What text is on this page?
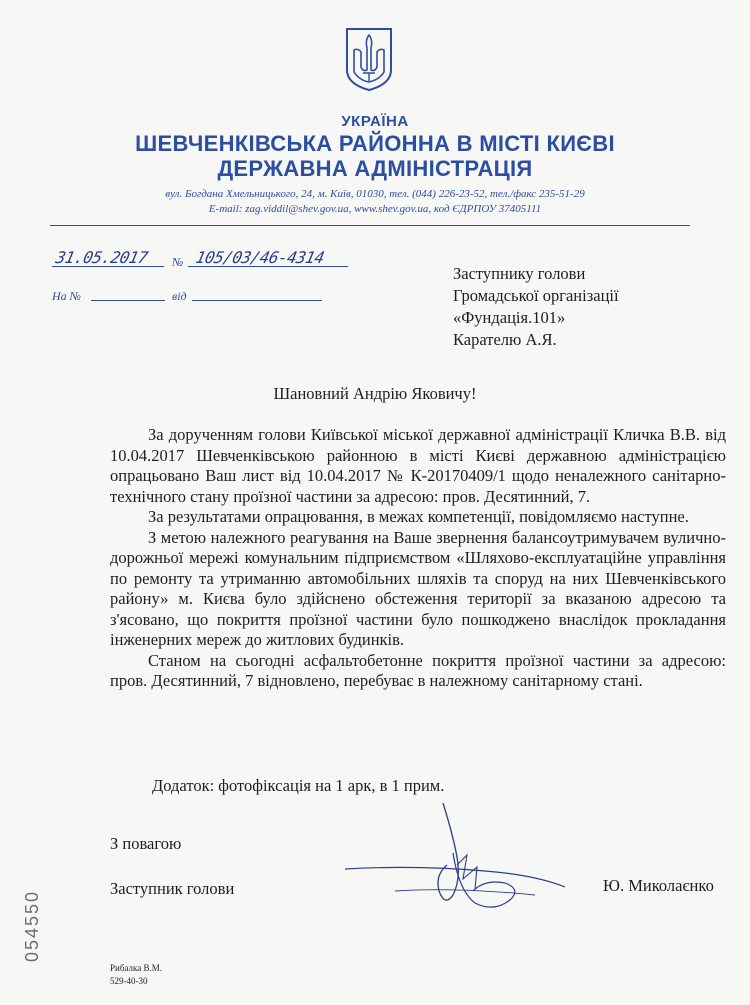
УКРАЇНА
ШЕВЧЕНКІВСЬКА РАЙОННА В МІСТІ КИЄВІ
ДЕРЖАВНА АДМІНІСТРАЦІЯ
вул. Богдана Хмельницького, 24, м. Київ, 01030, тел. (044) 226-23-52, тел./факс 235-51-29
E-mail: zag.viddil@shev.gov.ua, www.shev.gov.ua, код ЄДРПОУ 37405111
31.05.2017 № 105/03/46-4314
На №	від
Заступнику голови
Громадської організації
«Фундація.101»
Карателю А.Я.
Шановний Андрію Яковичу!

За дорученням голови Київської міської державної адміністрації Кличка В.В. від 10.04.2017 Шевченківською районною в місті Києві державною адміністрацією опрацьовано Ваш лист від 10.04.2017 № К-20170409/1 щодо неналежного санітарно-технічного стану проїзної частини за адресою: пров. Десятинний, 7.

За результатами опрацювання, в межах компетенції, повідомляємо наступне.

З метою належного реагування на Ваше звернення балансоутримувачем вулично-дорожньої мережі комунальним підприємством «Шляхово-експлуатаційне управління по ремонту та утриманню автомобільних шляхів та споруд на них Шевченківського району» м. Києва було здійснено обстеження території за вказаною адресою та з'ясовано, що покриття проїзної частини було пошкоджено внаслідок прокладання інженерних мереж до житлових будинків.

Станом на сьогодні асфальтобетонне покриття проїзної частини за адресою: пров. Десятинний, 7 відновлено, перебуває в належному санітарному стані.

Додаток: фотофіксація на 1 арк, в 1 прим.
З повагою
Заступник голови	Ю. Миколаєнко
054550
Рибалка В.М.
529-40-30
